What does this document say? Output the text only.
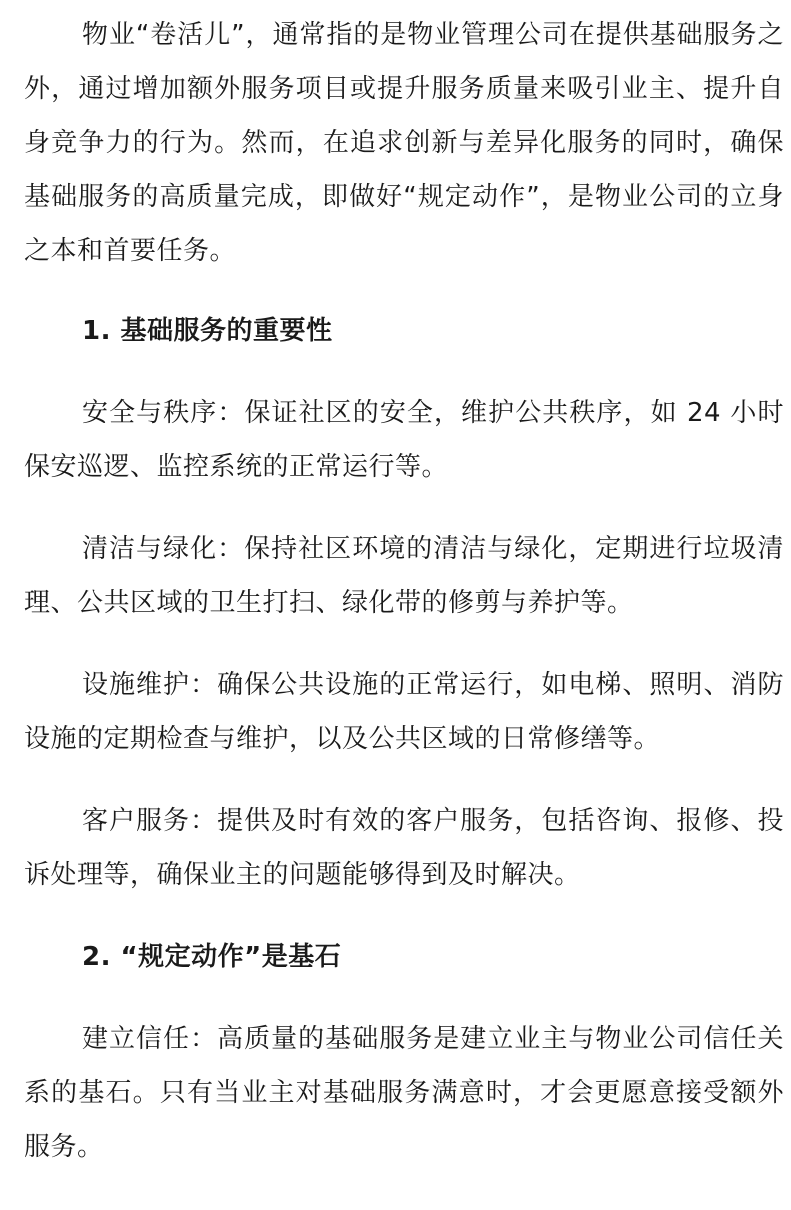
物业“卷活儿”，通常指的是物业管理公司在提供基础服务之外，通过增加额外服务项目或提升服务质量来吸引业主、提升自身竞争力的行为。然而，在追求创新与差异化服务的同时，确保基础服务的高质量完成，即做好“规定动作”，是物业公司的立身之本和首要任务。

1. 基础服务的重要性

安全与秩序：保证社区的安全，维护公共秩序，如 24 小时保安巡逻、监控系统的正常运行等。

清洁与绿化：保持社区环境的清洁与绿化，定期进行垃圾清理、公共区域的卫生打扫、绿化带的修剪与养护等。

设施维护：确保公共设施的正常运行，如电梯、照明、消防设施的定期检查与维护，以及公共区域的日常修缮等。

客户服务：提供及时有效的客户服务，包括咨询、报修、投诉处理等，确保业主的问题能够得到及时解决。

2. “规定动作”是基石

建立信任：高质量的基础服务是建立业主与物业公司信任关系的基石。只有当业主对基础服务满意时，才会更愿意接受额外服务。
